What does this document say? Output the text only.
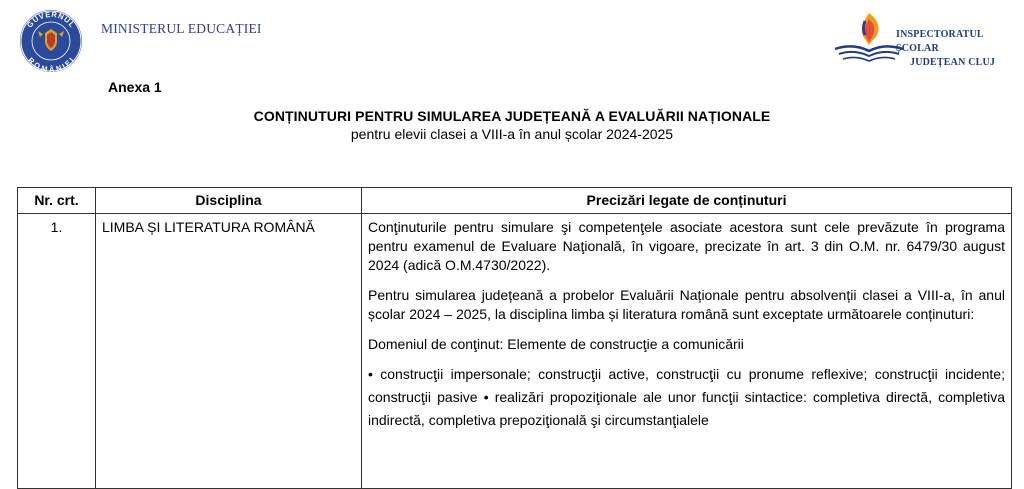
GUVERNUL
ROMÂNIEI
MINISTERUL EDUCAȚIEI	INSPECTORATUL ȘCOLAR
JUDEȚEAN CLUJ
Anexa 1
CONȚINUTURI PENTRU SIMULAREA JUDEȚEANĂ A EVALUĂRII NAȚIONALE
pentru elevii clasei a VIII-a în anul școlar 2024-2025
Nr. crt.	Disciplina	Precizări legate de conținuturi
1.	LIMBA ȘI LITERATURA ROMÂNĂ	Conţinuturile pentru simulare şi competenţele asociate acestora sunt cele prevăzute în programa pentru examenul de Evaluare Naţională, în vigoare, precizate în art. 3 din O.M. nr. 6479/30 august 2024 (adică O.M.4730/2022).

Pentru simularea județeană a probelor Evaluării Naționale pentru absolvenții clasei a VIII-a, în anul școlar 2024 – 2025, la disciplina limba și literatura română sunt exceptate următoarele conținuturi:

Domeniul de conţinut: Elemente de construcţie a comunicării

• construcţii impersonale; construcţii active, construcţii cu pronume reflexive; construcţii incidente; construcţii pasive • realizări propoziţionale ale unor funcţii sintactice: completiva directă, completiva indirectă, completiva prepoziţională şi circumstanţialele
